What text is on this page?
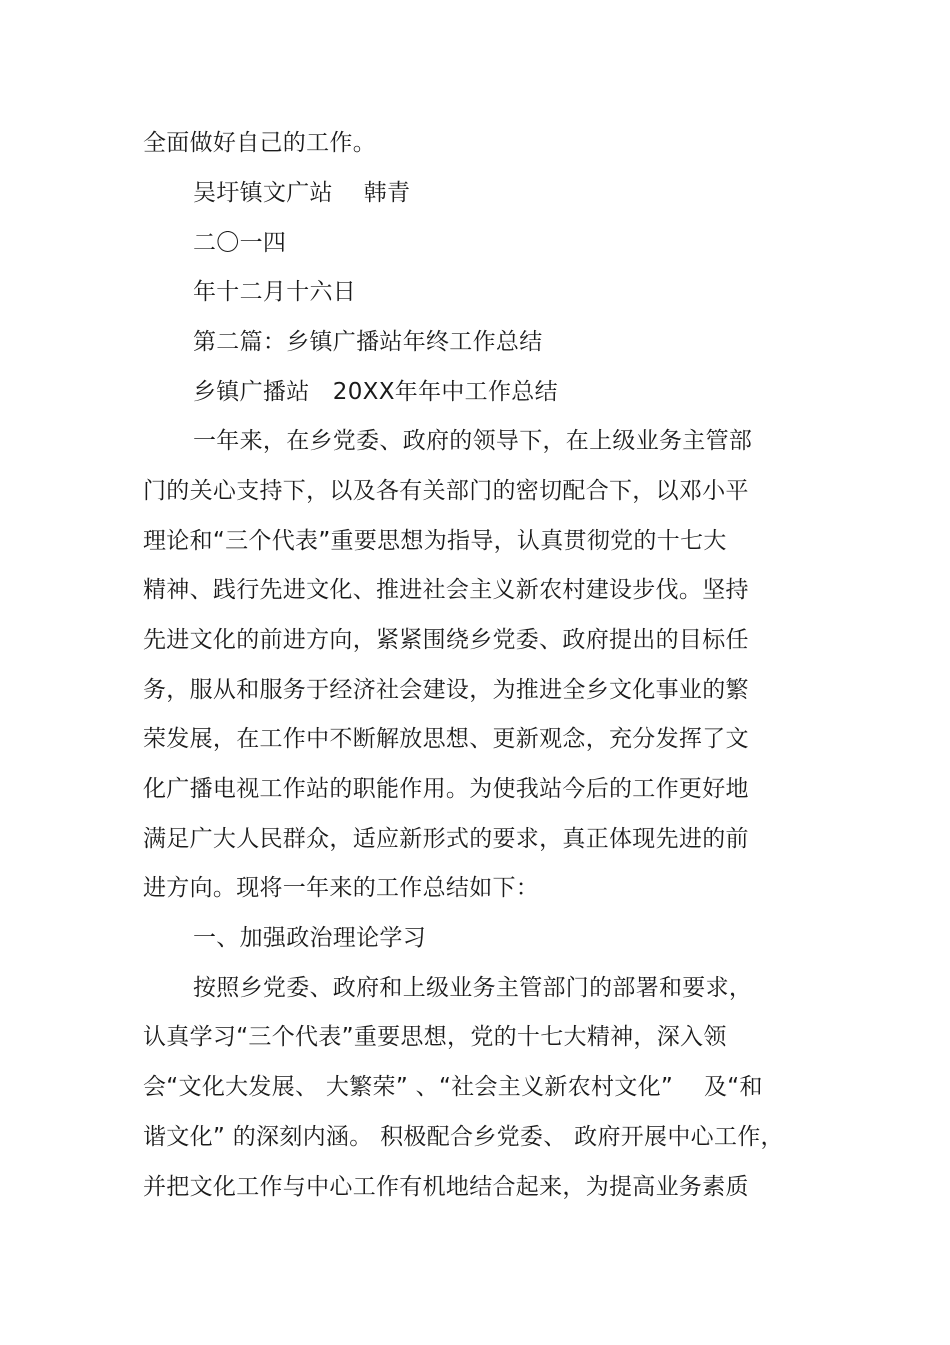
全面做好自己的工作。
吴圩镇文广站　 韩青
二〇一四
年十二月十六日
第二篇：乡镇广播站年终工作总结
乡镇广播站　20XX年年中工作总结
一年来，在乡党委、政府的领导下，在上级业务主管部
门的关心支持下，以及各有关部门的密切配合下，以邓小平
理论和“三个代表”重要思想为指导，认真贯彻党的十七大
精神、践行先进文化、推进社会主义新农村建设步伐。坚持
先进文化的前进方向，紧紧围绕乡党委、政府提出的目标任
务，服从和服务于经济社会建设，为推进全乡文化事业的繁
荣发展，在工作中不断解放思想、更新观念，充分发挥了文
化广播电视工作站的职能作用。为使我站今后的工作更好地
满足广大人民群众，适应新形式的要求，真正体现先进的前
进方向。现将一年来的工作总结如下：
一、加强政治理论学习
按照乡党委、政府和上级业务主管部门的部署和要求，
认真学习“三个代表”重要思想，党的十七大精神，深入领
会“文化大发展、 大繁荣” 、“社会主义新农村文化”　 及“和
谐文化” 的深刻内涵。 积极配合乡党委、 政府开展中心工作，
并把文化工作与中心工作有机地结合起来，为提高业务素质
